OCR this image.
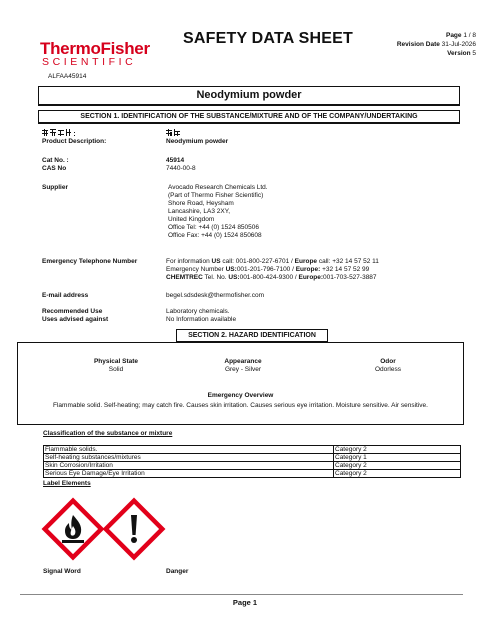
ThermoFisher
SCIENTIFIC
SAFETY DATA SHEET	Page 1 / 8
Revision Date 31-Jul-2026
Version 5
ALFAA45914
Neodymium powder
SECTION 1. IDENTIFICATION OF THE SUBSTANCE/MIXTURE AND OF THE COMPANY/UNDERTAKING
Product Description:	Neodymium powder
Cat No. :	45914
CAS No	7440-00-8
Supplier	Avocado Research Chemicals Ltd.
(Part of Thermo Fisher Scientific)
Shore Road, Heysham
Lancashire, LA3 2XY,
United Kingdom
Office Tel: +44 (0) 1524 850506
Office Fax: +44 (0) 1524 850608
Emergency Telephone Number	For information US call: 001-800-227-6701 / Europe call: +32 14 57 52 11
Emergency Number US:001-201-796-7100 / Europe: +32 14 57 52 99
CHEMTREC Tel. No. US:001-800-424-9300 / Europe:001-703-527-3887
E-mail address	begel.sdsdesk@thermofisher.com
Recommended Use	Laboratory chemicals.
Uses advised against	No Information available
SECTION 2. HAZARD IDENTIFICATION
Physical State
Solid
Appearance
Grey - Silver
Odor
Odorless
Emergency Overview
Flammable solid. Self-heating; may catch fire. Causes skin irritation. Causes serious eye irritation. Moisture sensitive. Air sensitive.
Classification of the substance or mixture
Flammable solids.	Category 2
Self-heating substances/mixtures	Category 1
Skin Corrosion/Irritation	Category 2
Serious Eye Damage/Eye Irritation	Category 2
Label Elements
Signal Word	Danger
Page 1
